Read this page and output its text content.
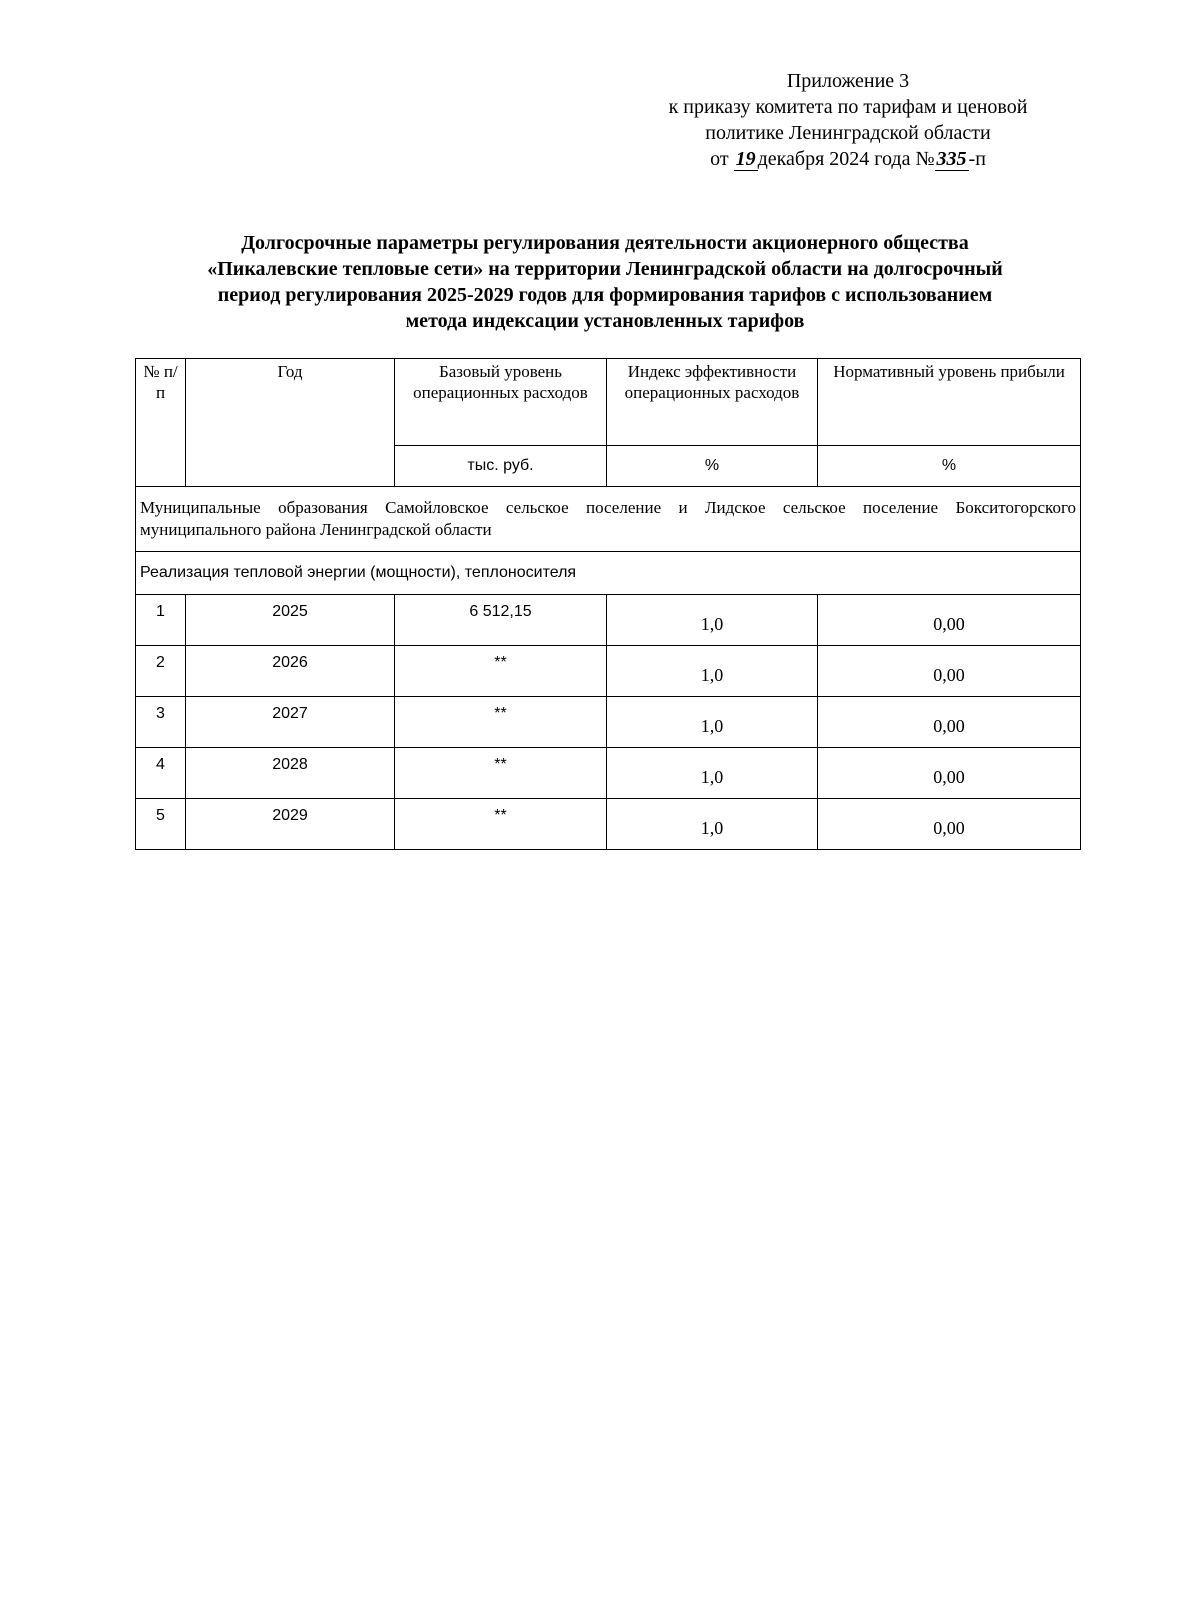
Приложение 3
к приказу комитета по тарифам и ценовой
политике Ленинградской области
от 19 декабря 2024 года № 335 -п
Долгосрочные параметры регулирования деятельности акционерного общества
«Пикалевские тепловые сети» на территории Ленинградской области на долгосрочный
период регулирования 2025-2029 годов для формирования тарифов с использованием
метода индексации установленных тарифов
№ п/п	Год	Базовый уровень операционных расходов	Индекс эффективности операционных расходов	Нормативный уровень прибыли
		тыс. руб.	%	%
Муниципальные образования Самойловское сельское поселение и Лидское сельское поселение Бокситогорского муниципального района Ленинградской области				
Реализация тепловой энергии (мощности), теплоносителя				
1	2025	6 512,15	1,0	0,00
2	2026	**	1,0	0,00
3	2027	**	1,0	0,00
4	2028	**	1,0	0,00
5	2029	**	1,0	0,00
